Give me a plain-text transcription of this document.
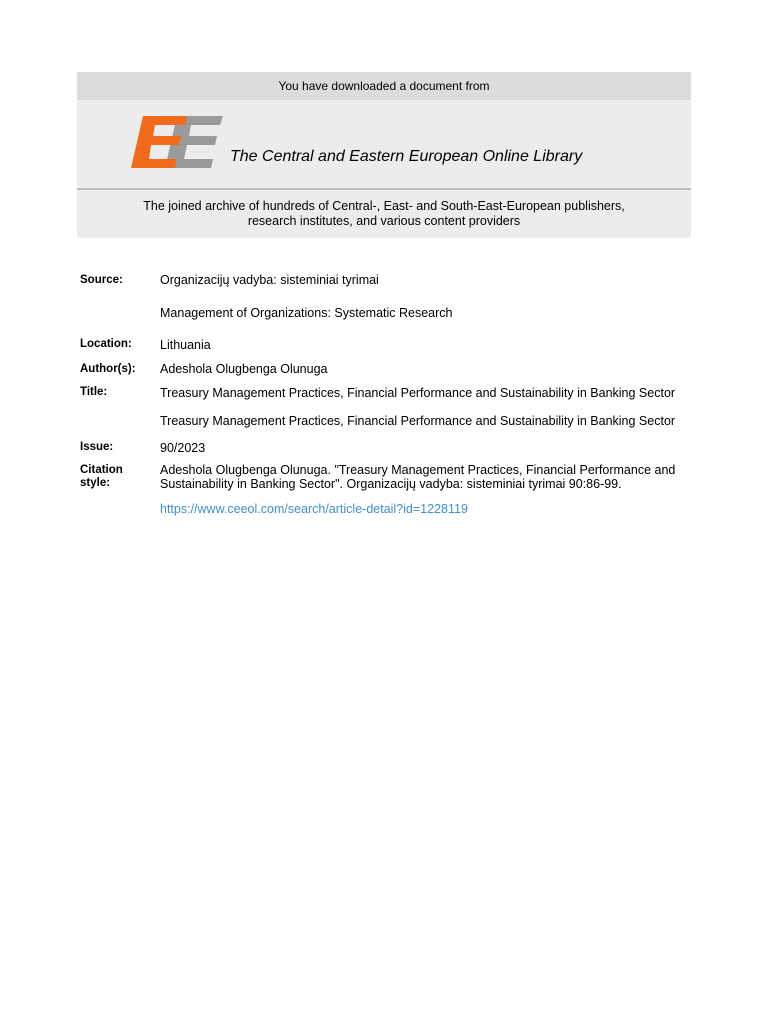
You have downloaded a document from
The Central and Eastern European Online Library
The joined archive of hundreds of Central-, East- and South-East-European publishers,
research institutes, and various content providers
Source:	Organizacijų vadyba: sisteminiai tyrimai
Management of Organizations: Systematic Research
Location: Lithuania
Author(s): Adeshola Olugbenga Olunuga
Title:	Treasury Management Practices, Financial Performance and Sustainability in Banking Sector
Treasury Management Practices, Financial Performance and Sustainability in Banking Sector
Issue:	90/2023
Citation
style:
Adeshola Olugbenga Olunuga. "Treasury Management Practices, Financial Performance and Sustainability in Banking Sector". Organizacijų vadyba: sisteminiai tyrimai 90:86-99.
https://www.ceeol.com/search/article-detail?id=1228119
